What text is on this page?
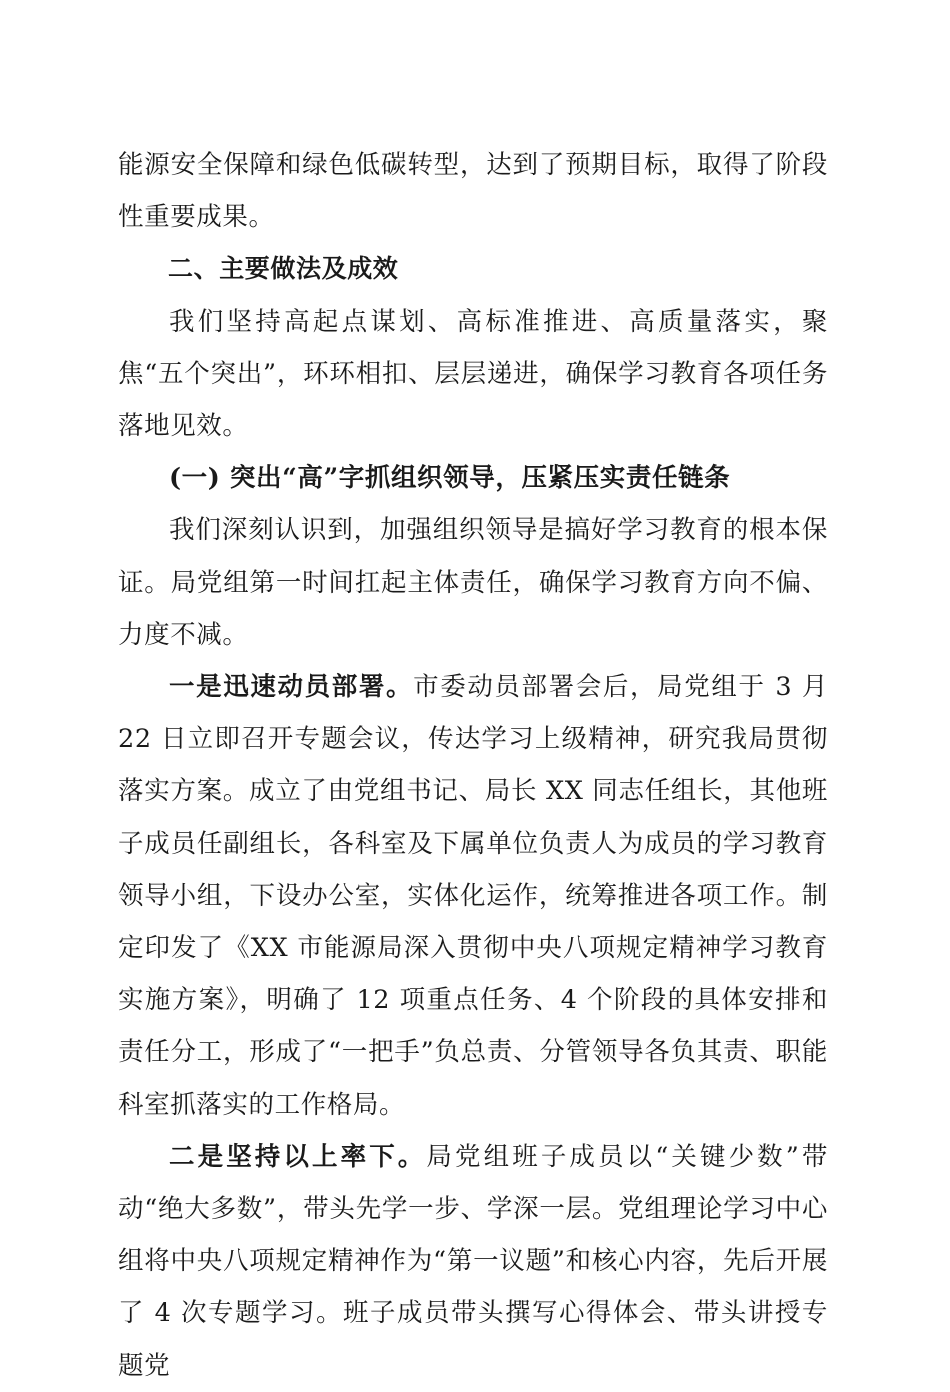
能源安全保障和绿色低碳转型，达到了预期目标，取得了阶段性重要成果。

二、主要做法及成效

我们坚持高起点谋划、高标准推进、高质量落实，聚焦“五个突出”，环环相扣、层层递进，确保学习教育各项任务落地见效。

(一) 突出“高”字抓组织领导，压紧压实责任链条

我们深刻认识到，加强组织领导是搞好学习教育的根本保证。局党组第一时间扛起主体责任，确保学习教育方向不偏、力度不减。

一是迅速动员部署。市委动员部署会后，局党组于 3 月 22 日立即召开专题会议，传达学习上级精神，研究我局贯彻落实方案。成立了由党组书记、局长 XX 同志任组长，其他班子成员任副组长，各科室及下属单位负责人为成员的学习教育领导小组，下设办公室，实体化运作，统筹推进各项工作。制定印发了《XX 市能源局深入贯彻中央八项规定精神学习教育实施方案》，明确了 12 项重点任务、4 个阶段的具体安排和责任分工，形成了“一把手”负总责、分管领导各负其责、职能科室抓落实的工作格局。

二是坚持以上率下。局党组班子成员以“关键少数”带动“绝大多数”，带头先学一步、学深一层。党组理论学习中心组将中央八项规定精神作为“第一议题”和核心内容，先后开展了 4 次专题学习。班子成员带头撰写心得体会、带头讲授专题党
